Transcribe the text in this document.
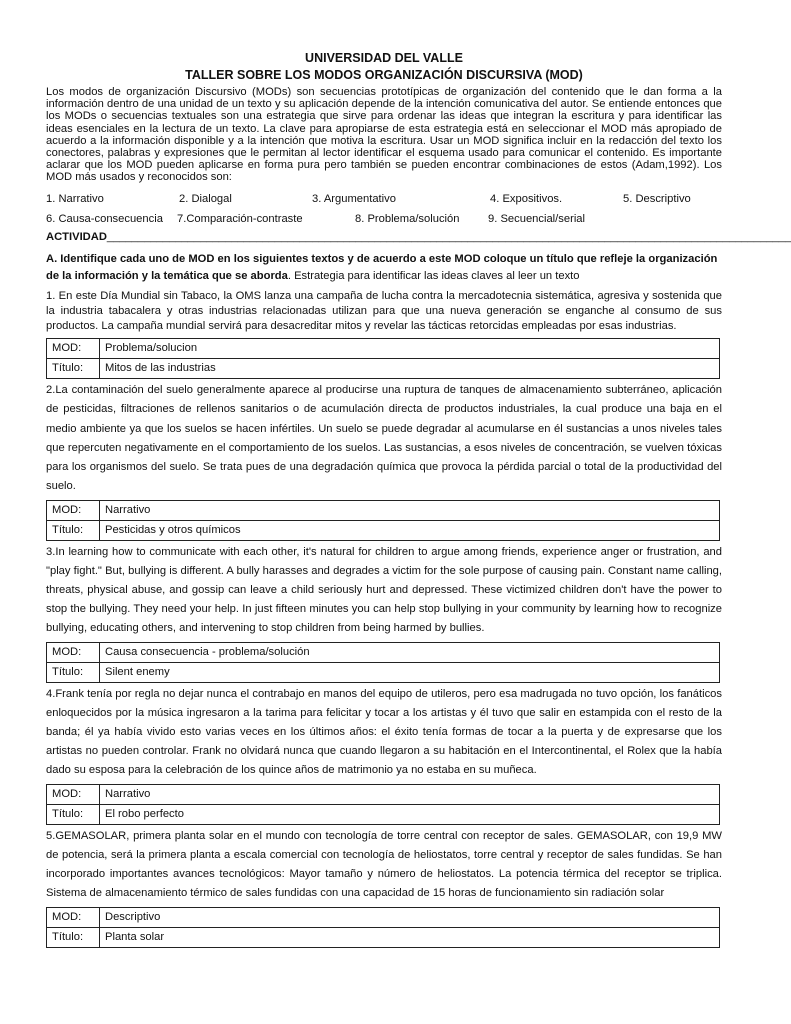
UNIVERSIDAD DEL VALLE

TALLER SOBRE LOS MODOS ORGANIZACIÓN DISCURSIVA (MOD)

Los modos de organización Discursivo (MODs) son secuencias prototípicas de organización del contenido que le dan forma a la información dentro de una unidad de un texto y su aplicación depende de la intención comunicativa del autor. Se entiende entonces que los MODs o secuencias textuales son una estrategia que sirve para ordenar las ideas que integran la escritura y para identificar las ideas esenciales en la lectura de un texto. La clave para apropiarse de esta estrategia está en seleccionar el MOD más apropiado de acuerdo a la información disponible y a la intención que motiva la escritura. Usar un MOD significa incluir en la redacción del texto los conectores, palabras y expresiones que le permitan al lector identificar el esquema usado para comunicar el contenido. Es importante aclarar que los MOD pueden aplicarse en forma pura pero también se pueden encontrar combinaciones de estos (Adam,1992). Los MOD más usados y reconocidos son:

1. Narrativo	2. Dialogal	3. Argumentativo	4. Expositivos.	5. Descriptivo
6. Causa-consecuencia	7.Comparación-contraste	8. Problema/solución	9. Secuencial/serial
ACTIVIDAD______________________________________________________________________________________________________________
A. Identifique cada uno de MOD en los siguientes textos y de acuerdo a este MOD coloque un título que refleje la organización de la información y la temática que se aborda. Estrategia para identificar las ideas claves al leer un texto
1. En este Día Mundial sin Tabaco, la OMS lanza una campaña de lucha contra la mercadotecnia sistemática, agresiva y sostenida que la industria tabacalera y otras industrias relacionadas utilizan para que una nueva generación se enganche al consumo de sus productos. La campaña mundial servirá para desacreditar mitos y revelar las tácticas retorcidas empleadas por esas industrias.
MOD:	Problema/solucion
Título:	Mitos de las industrias
2.La contaminación del suelo generalmente aparece al producirse una ruptura de tanques de almacenamiento subterráneo, aplicación de pesticidas, filtraciones de rellenos sanitarios o de acumulación directa de productos industriales, la cual produce una baja en el medio ambiente ya que los suelos se hacen infértiles. Un suelo se puede degradar al acumularse en él sustancias a unos niveles tales que repercuten negativamente en el comportamiento de los suelos. Las sustancias, a esos niveles de concentración, se vuelven tóxicas para los organismos del suelo. Se trata pues de una degradación química que provoca la pérdida parcial o total de la productividad del suelo.
MOD:	Narrativo
Título:	Pesticidas y otros químicos
3.In learning how to communicate with each other, it's natural for children to argue among friends, experience anger or frustration, and "play fight." But, bullying is different. A bully harasses and degrades a victim for the sole purpose of causing pain. Constant name calling, threats, physical abuse, and gossip can leave a child seriously hurt and depressed. These victimized children don't have the power to stop the bullying. They need your help. In just fifteen minutes you can help stop bullying in your community by learning how to recognize bullying, educating others, and intervening to stop children from being harmed by bullies.
MOD:	Causa consecuencia - problema/solución
Título:	Silent enemy
4.Frank tenía por regla no dejar nunca el contrabajo en manos del equipo de utileros, pero esa madrugada no tuvo opción, los fanáticos enloquecidos por la música ingresaron a la tarima para felicitar y tocar a los artistas y él tuvo que salir en estampida con el resto de la banda; él ya había vivido esto varias veces en los últimos años: el éxito tenía formas de tocar a la puerta y de expresarse que los artistas no pueden controlar. Frank no olvidará nunca que cuando llegaron a su habitación en el Intercontinental, el Rolex que la había dado su esposa para la celebración de los quince años de matrimonio ya no estaba en su muñeca.
MOD:	Narrativo
Título:	El robo perfecto
5.GEMASOLAR, primera planta solar en el mundo con tecnología de torre central con receptor de sales. GEMASOLAR, con 19,9 MW de potencia, será la primera planta a escala comercial con tecnología de heliostatos, torre central y receptor de sales fundidas. Se han incorporado importantes avances tecnológicos: Mayor tamaño y número de heliostatos. La potencia térmica del receptor se triplica. Sistema de almacenamiento térmico de sales fundidas con una capacidad de 15 horas de funcionamiento sin radiación solar
MOD:	Descriptivo
Título:	Planta solar
